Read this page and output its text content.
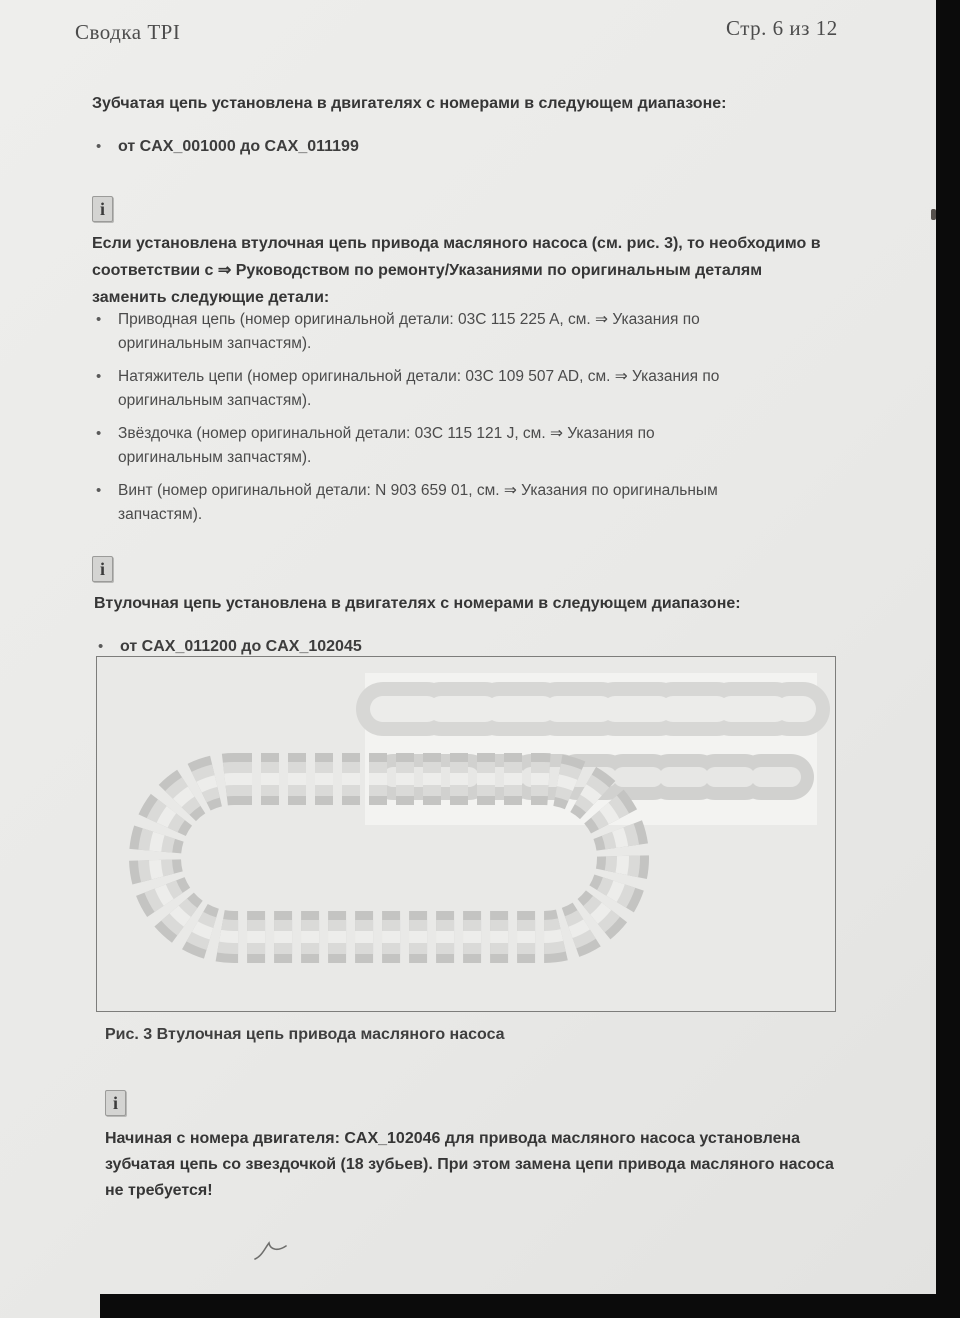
Сводка TPI	Стр. 6 из 12
Зубчатая цепь установлена в двигателях с номерами в следующем диапазоне:
•	от CAX_001000 до CAX_011199
i
Если установлена втулочная цепь привода масляного насоса (см. рис. 3), то необходимо в соответствии с ⇒ Руководством по ремонту/Указаниями по оригинальным деталям заменить следующие детали:
•	Приводная цепь (номер оригинальной детали: 03C 115 225 A, см. ⇒ Указания по оригинальным запчастям).
•	Натяжитель цепи (номер оригинальной детали: 03C 109 507 AD, см. ⇒ Указания по оригинальным запчастям).
•	Звёздочка (номер оригинальной детали: 03C 115 121 J, см. ⇒ Указания по оригинальным запчастям).
•	Винт (номер оригинальной детали: N 903 659 01, см. ⇒ Указания по оригинальным запчастям).
i
Втулочная цепь установлена в двигателях с номерами в следующем диапазоне:
•	от CAX_011200 до CAX_102045
Рис. 3 Втулочная цепь привода масляного насоса
i
Начиная с номера двигателя: CAX_102046 для привода масляного насоса установлена зубчатая цепь со звездочкой (18 зубьев). При этом замена цепи привода масляного насоса не требуется!
